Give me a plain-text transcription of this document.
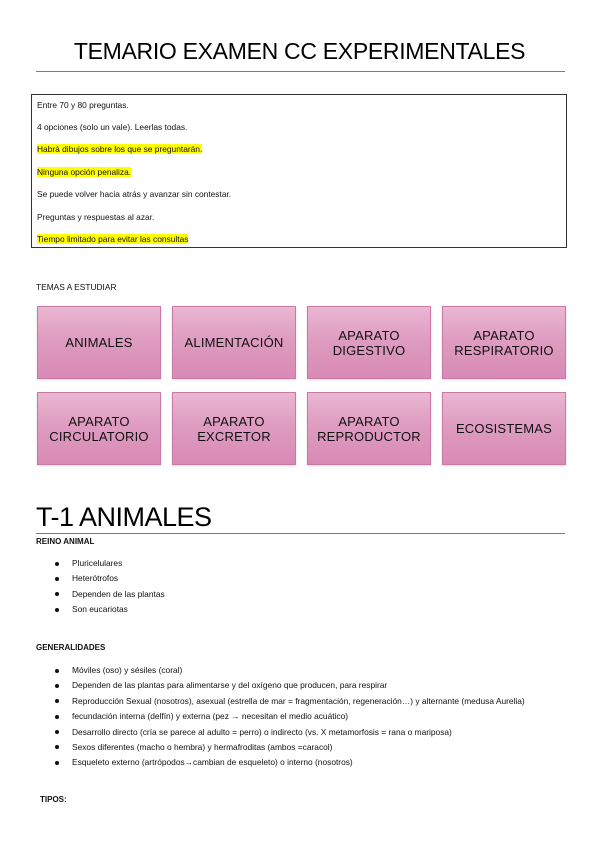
TEMARIO EXAMEN CC EXPERIMENTALES
Entre 70 y 80 preguntas.
4 opciones (solo un vale). Leerlas todas.
Habrá dibujos sobre los que se preguntarán.
Ninguna opción penaliza.
Se puede volver hacia atrás y avanzar sin contestar.
Preguntas y respuestas al azar.
Tiempo limitado para evitar las consultas
TEMAS A ESTUDIAR
ANIMALES	ALIMENTACIÓN	APARATO
DIGESTIVO
APARATO
RESPIRATORIO
APARATO
CIRCULATORIO
APARATO
EXCRETOR
APARATO
REPRODUCTOR	ECOSISTEMAS
T-1 ANIMALES
REINO ANIMAL
Pluricelulares
Heterótrofos
Dependen de las plantas
Son eucariotas
GENERALIDADES
Móviles (oso) y sésiles (coral)
Dependen de las plantas para alimentarse y del oxígeno que producen, para respirar
Reproducción Sexual (nosotros), asexual (estrella de mar = fragmentación, regeneración…) y alternante (medusa Aurelia)
fecundación interna (delfín) y externa (pez → necesitan el medio acuático)
Desarrollo directo (cría se parece al adulto = perro) o indirecto (vs. X metamorfosis = rana o mariposa)
Sexos diferentes (macho o hembra) y hermafroditas (ambos =caracol)
Esqueleto externo (artrópodos→cambian de esqueleto) o interno (nosotros)
TIPOS:
